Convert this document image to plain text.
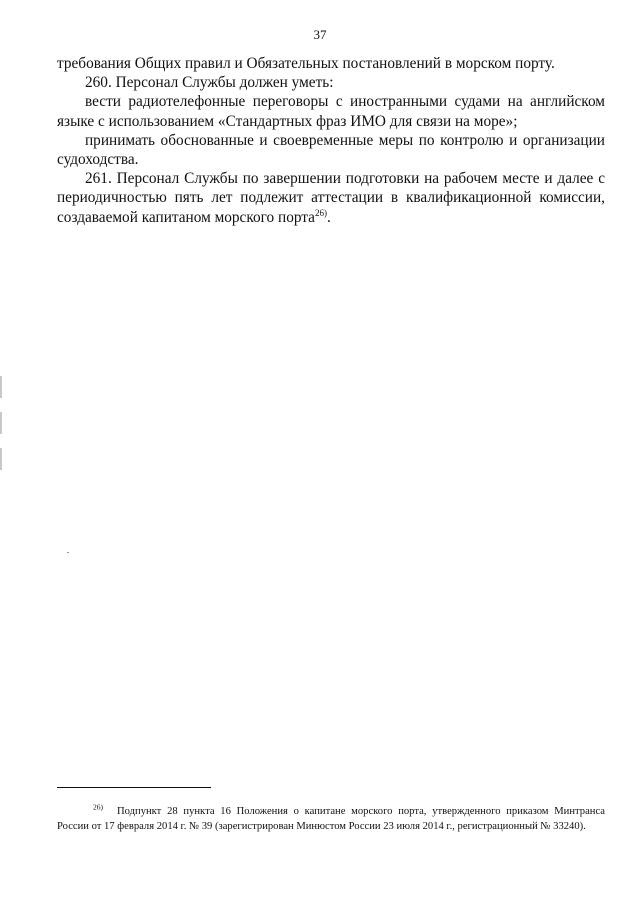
37

требования Общих правил и Обязательных постановлений в морском порту.

260. Персонал Службы должен уметь:

вести радиотелефонные переговоры с иностранными судами на английском языке с использованием «Стандартных фраз ИМО для связи на море»;

принимать обоснованные и своевременные меры по контролю и организации судоходства.

261. Персонал Службы по завершении подготовки на рабочем месте и далее с периодичностью пять лет подлежит аттестации в квалификационной комиссии, создаваемой капитаном морского порта$^{26)}$.

$^{26)}$ Подпункт 28 пункта 16 Положения о капитане морского порта, утвержденного приказом Минтранса России от 17 февраля 2014 г. № 39 (зарегистрирован Минюстом России 23 июля 2014 г., регистрационный № 33240).
